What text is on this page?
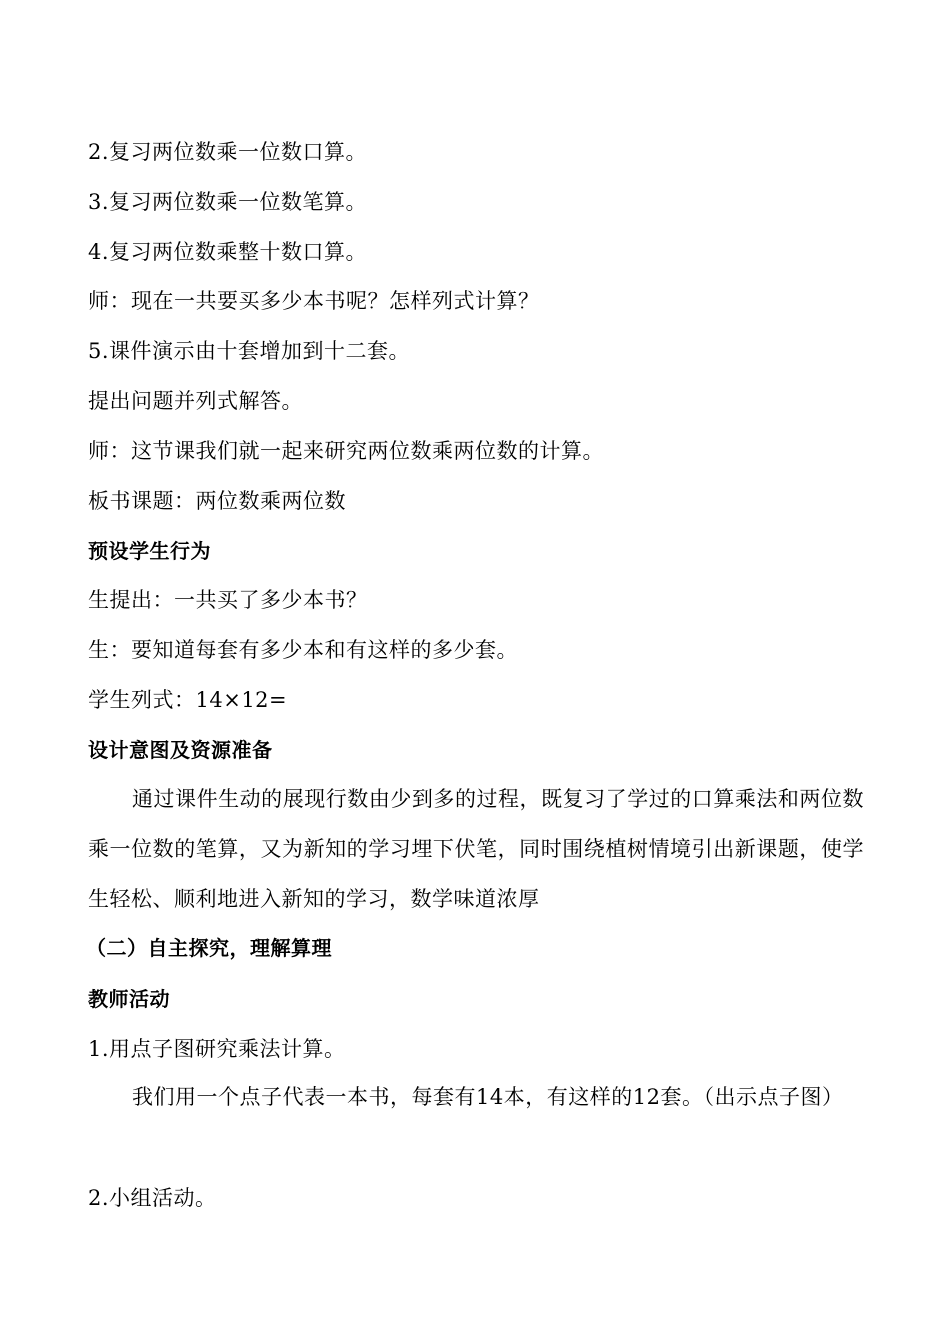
2.复习两位数乘一位数口算。
3.复习两位数乘一位数笔算。
4.复习两位数乘整十数口算。
师：现在一共要买多少本书呢？怎样列式计算？
5.课件演示由十套增加到十二套。
提出问题并列式解答。
师：这节课我们就一起来研究两位数乘两位数的计算。
板书课题：两位数乘两位数
预设学生行为
生提出：一共买了多少本书？
生：要知道每套有多少本和有这样的多少套。
学生列式：14×12=
设计意图及资源准备
通过课件生动的展现行数由少到多的过程，既复习了学过的口算乘法和两位数乘一位数的笔算，又为新知的学习埋下伏笔，同时围绕植树情境引出新课题，使学生轻松、顺利地进入新知的学习，数学味道浓厚
（二）自主探究，理解算理
教师活动
1.用点子图研究乘法计算。
我们用一个点子代表一本书，每套有14本，有这样的12套。（出示点子图）
2.小组活动。
